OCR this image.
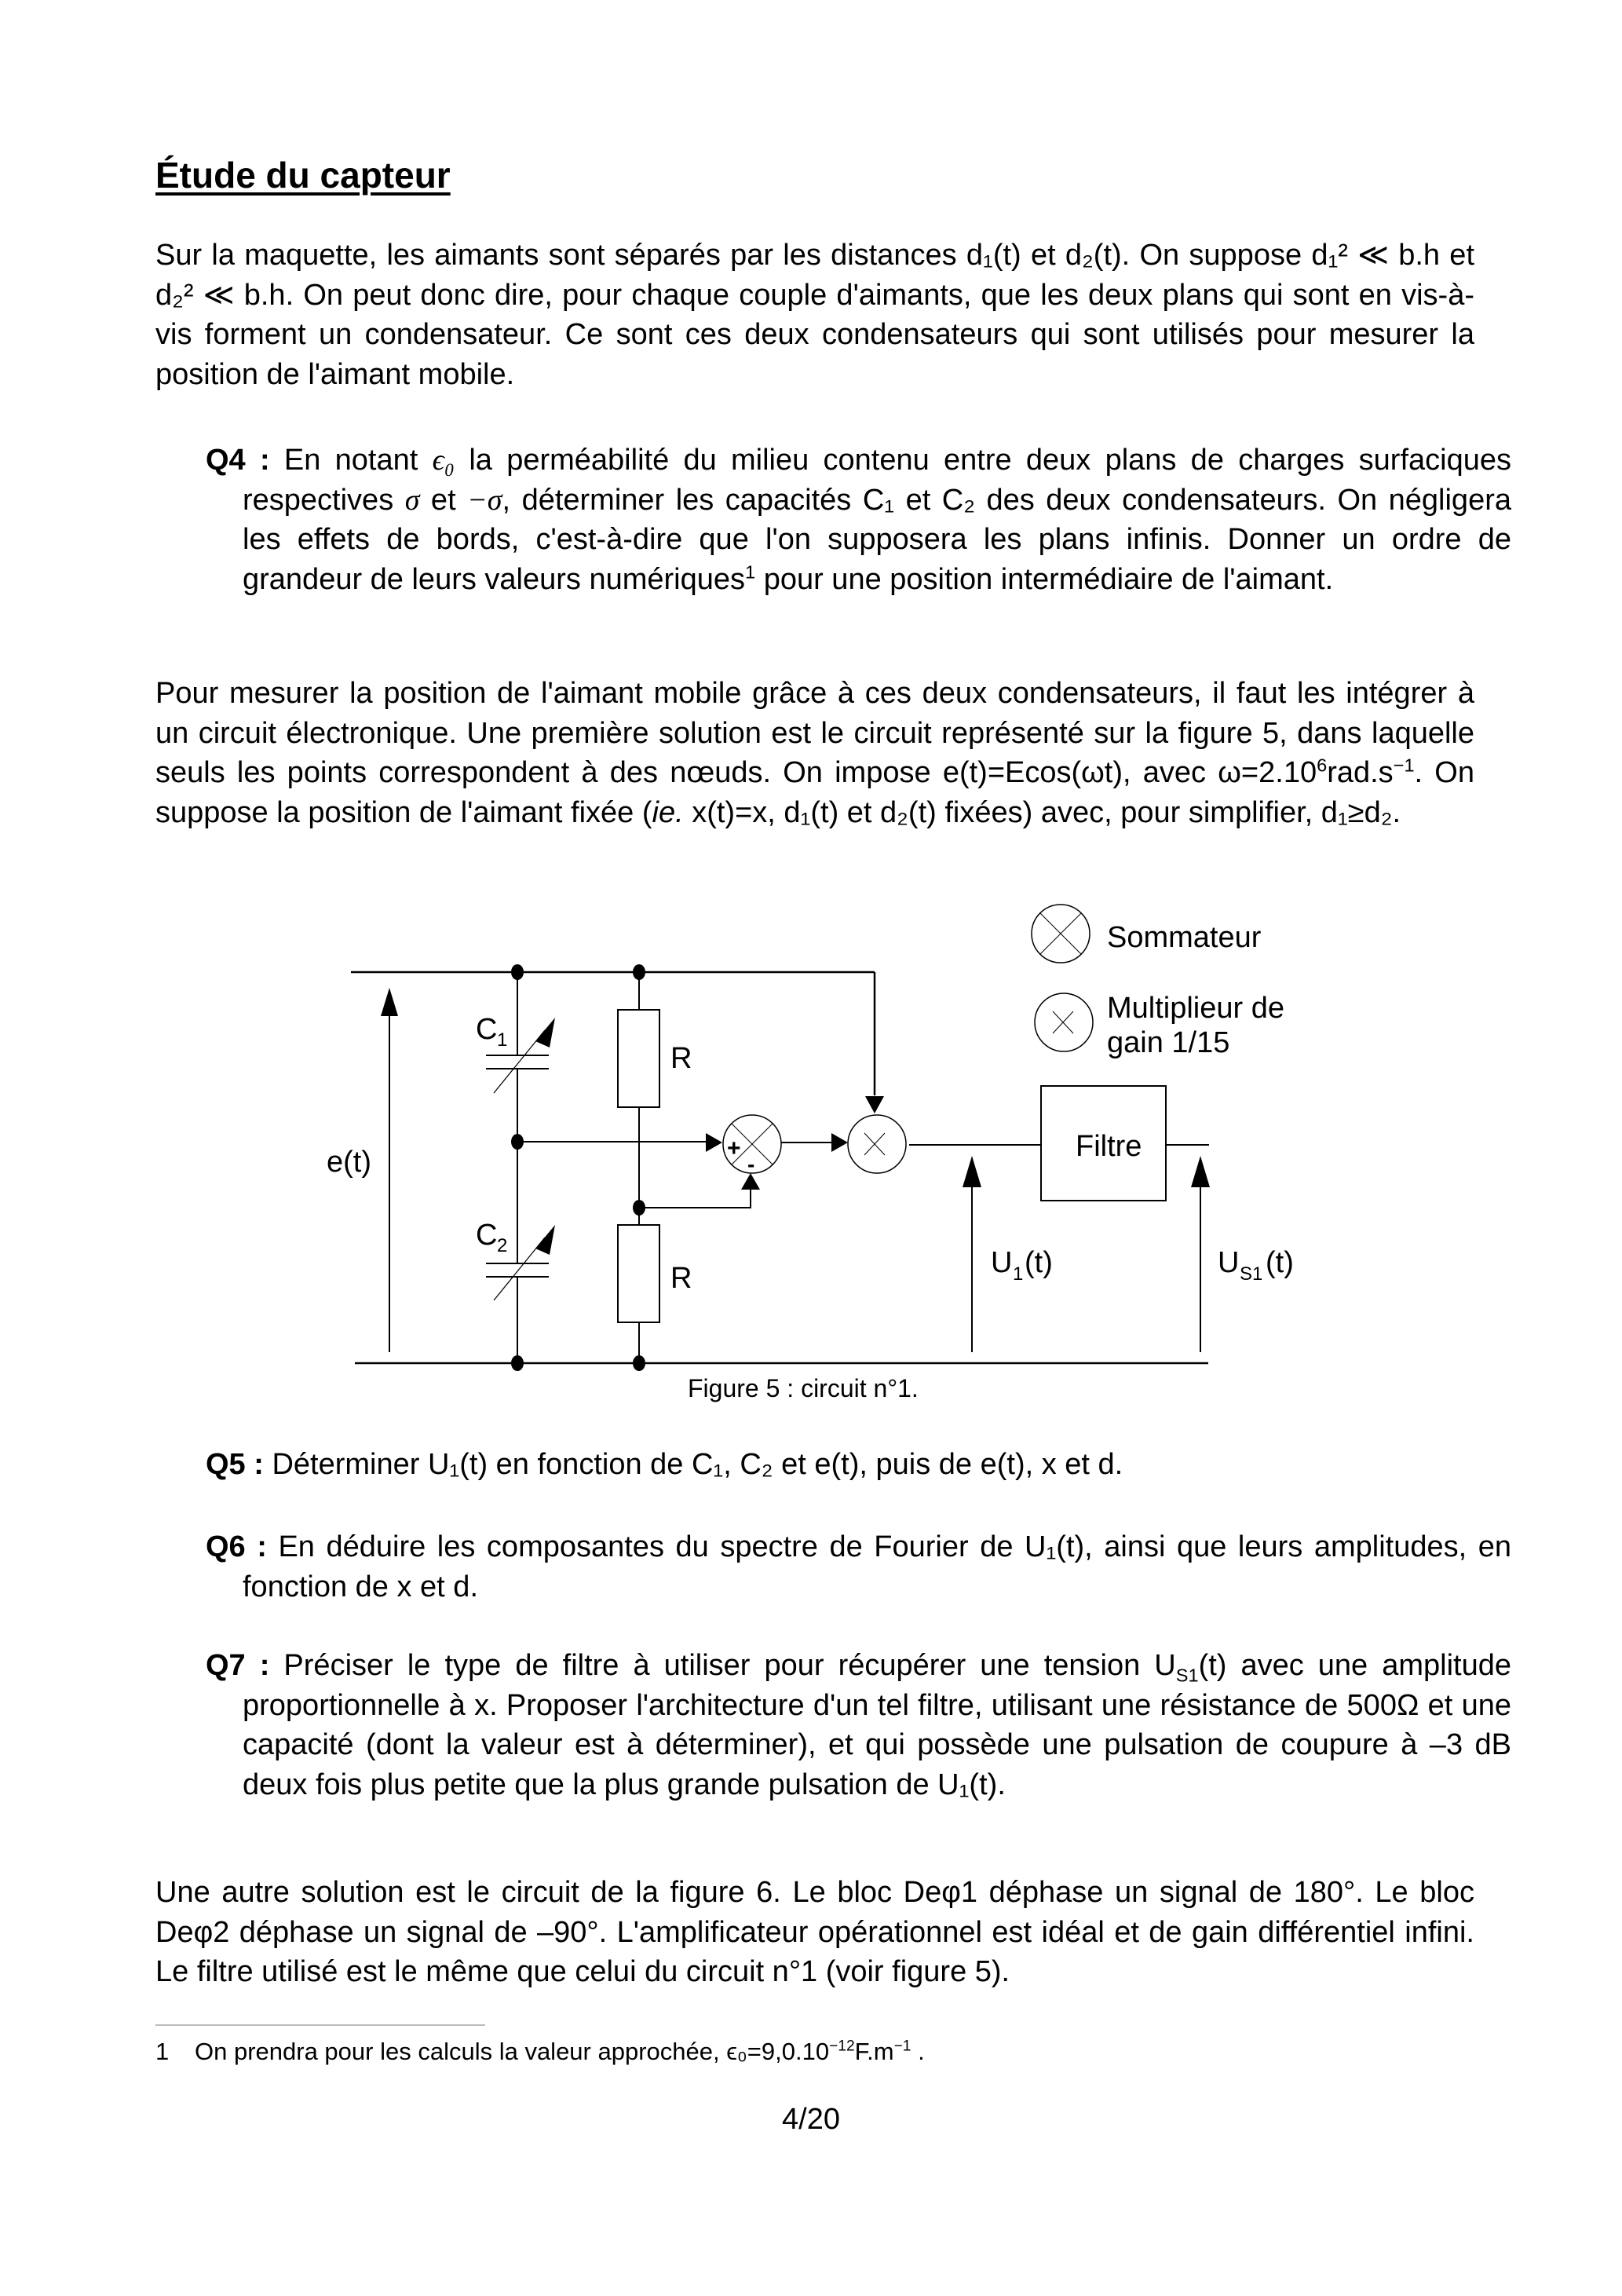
Étude du capteur

Sur la maquette, les aimants sont séparés par les distances d₁(t) et d₂(t). On suppose d₁² ≪ b.h et d₂² ≪ b.h. On peut donc dire, pour chaque couple d'aimants, que les deux plans qui sont en vis-à-vis forment un condensateur. Ce sont ces deux condensateurs qui sont utilisés pour mesurer la position de l'aimant mobile.

Q4 : En notant ϵ₀ la perméabilité du milieu contenu entre deux plans de charges surfaciques respectives σ et −σ, déterminer les capacités C₁ et C₂ des deux condensateurs. On négligera les effets de bords, c'est-à-dire que l'on supposera les plans infinis. Donner un ordre de grandeur de leurs valeurs numériques$^1$ pour une position intermédiaire de l'aimant.

Pour mesurer la position de l'aimant mobile grâce à ces deux condensateurs, il faut les intégrer à un circuit électronique. Une première solution est le circuit représenté sur la figure 5, dans laquelle seuls les points correspondent à des nœuds. On impose e(t)=Ecos(ωt), avec $\omega=2.10^6rad.s^{-1}$. On suppose la position de l'aimant fixée (ie. x(t)=x, d₁(t) et d₂(t) fixées) avec, pour simplifier, d₁≥d₂.

C 1
C 2
R
R
e(t)	+
-
Filtre
U 1 (t)	U S1 (t)
Sommateur
Multiplieur de
gain 1/15
Figure 5 : circuit n°1.

Q5 : Déterminer U₁(t) en fonction de C₁, C₂ et e(t), puis de e(t), x et d.

Q6 : En déduire les composantes du spectre de Fourier de U₁(t), ainsi que leurs amplitudes, en fonction de x et d.

Q7 : Préciser le type de filtre à utiliser pour récupérer une tension $U_{S1}(t)$ avec une amplitude proportionnelle à x. Proposer l'architecture d'un tel filtre, utilisant une résistance de 500Ω et une capacité (dont la valeur est à déterminer), et qui possède une pulsation de coupure à –3 dB deux fois plus petite que la plus grande pulsation de U₁(t).

Une autre solution est le circuit de la figure 6. Le bloc Deφ1 déphase un signal de 180°. Le bloc Deφ2 déphase un signal de –90°. L'amplificateur opérationnel est idéal et de gain différentiel infini. Le filtre utilisé est le même que celui du circuit n°1 (voir figure 5).

1 On prendra pour les calculs la valeur approchée, $\epsilon_0=9,0.10^{-12}F.m^{-1}$ .
4/20
